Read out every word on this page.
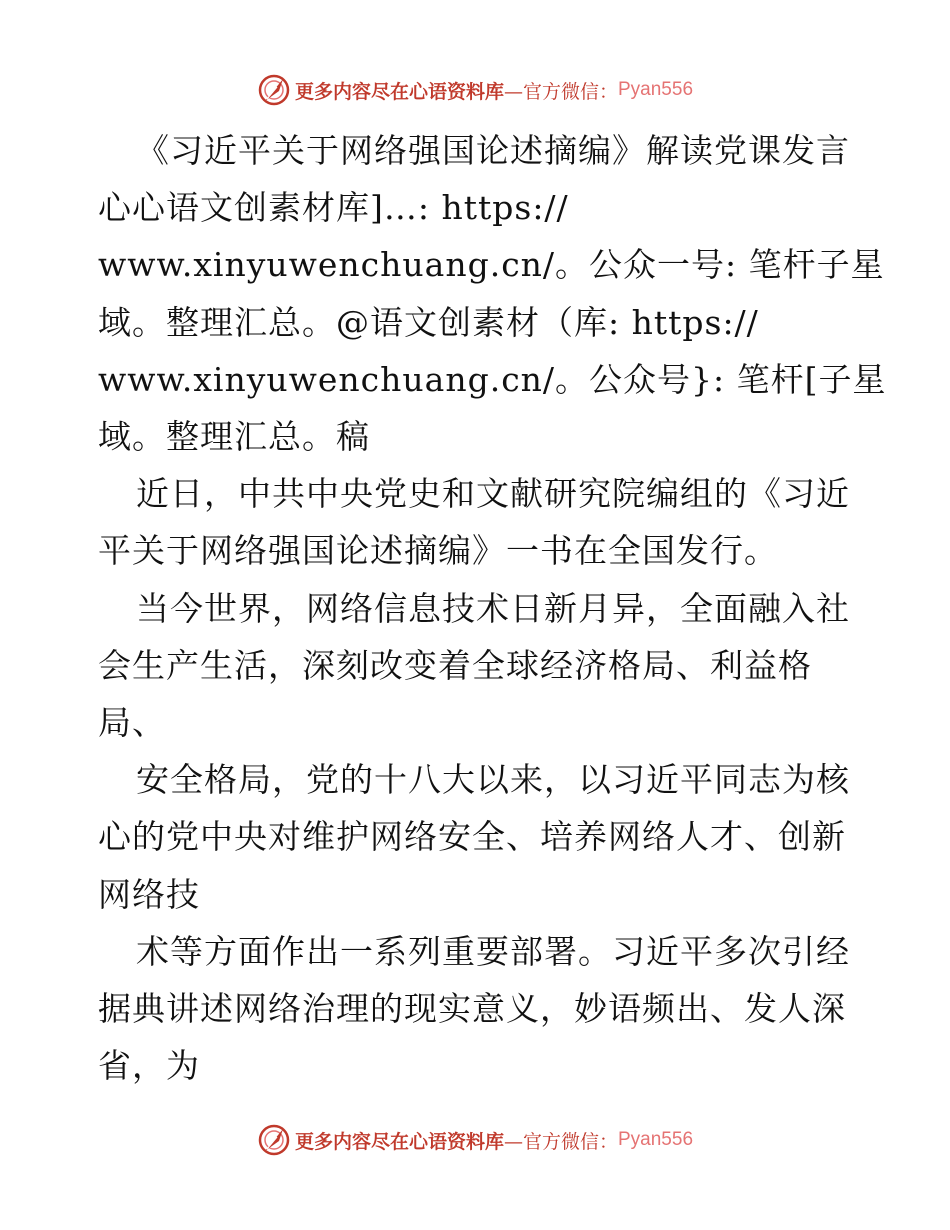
更多内容尽在心语资料库 —官方微信： Pyan556
《习近平关于网络强国论述摘编》解读党课发言
心心语文创素材库]…: https://
www.xinyuwenchuang.cn/。公众一号: 笔杆子星
域。整理汇总。@语文创素材（库: https://
www.xinyuwenchuang.cn/。公众号}: 笔杆[子星
域。整理汇总。稿
近日，中共中央党史和文献研究院编组的《习近
平关于网络强国论述摘编》一书在全国发行。
当今世界，网络信息技术日新月异，全面融入社
会生产生活，深刻改变着全球经济格局、利益格
局、
安全格局，党的十八大以来，以习近平同志为核
心的党中央对维护网络安全、培养网络人才、创新
网络技
术等方面作出一系列重要部署。习近平多次引经
据典讲述网络治理的现实意义，妙语频出、发人深
省，为
更多内容尽在心语资料库 —官方微信： Pyan556
